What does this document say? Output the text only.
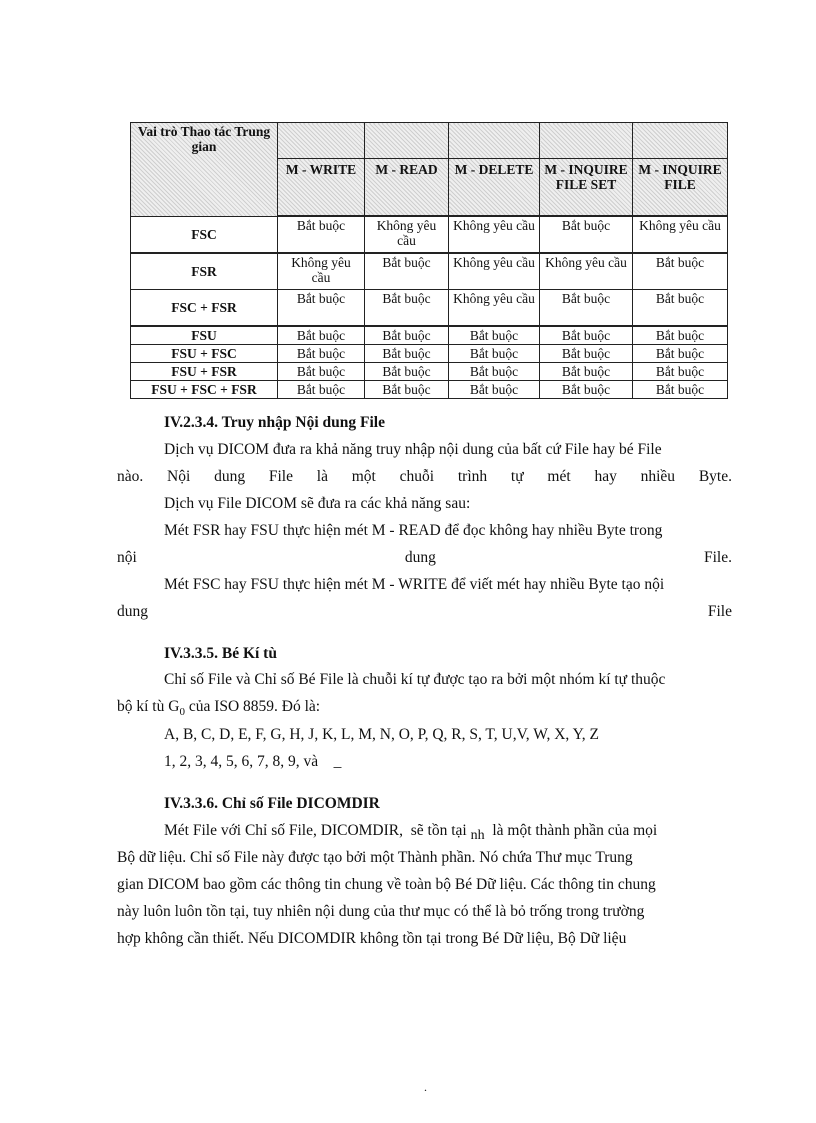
Vai trò Thao tác Trung gian					
	M - WRITE	M - READ	M - DELETE	M - INQUIRE FILE SET	M - INQUIRE FILE
FSC	Bắt buộc	Không yêu cầu	Không yêu cầu	Bắt buộc	Không yêu cầu
FSR	Không yêu cầu	Bắt buộc	Không yêu cầu	Không yêu cầu	Bắt buộc
FSC + FSR	Bắt buộc	Bắt buộc	Không yêu cầu	Bắt buộc	Bắt buộc
FSU	Bắt buộc	Bắt buộc	Bắt buộc	Bắt buộc	Bắt buộc
FSU + FSC	Bắt buộc	Bắt buộc	Bắt buộc	Bắt buộc	Bắt buộc
FSU + FSR	Bắt buộc	Bắt buộc	Bắt buộc	Bắt buộc	Bắt buộc
FSU + FSC + FSR	Bắt buộc	Bắt buộc	Bắt buộc	Bắt buộc	Bắt buộc
IV.2.3.4. Truy nhập Nội dung File
Dịch vụ DICOM đưa ra khả năng truy nhập nội dung của bất cứ File hay bé File
nào. Nội dung File là một chuỗi trình tự mét hay nhiều Byte.
Dịch vụ File DICOM sẽ đưa ra các khả năng sau:
Mét FSR hay FSU thực hiện mét M - READ để đọc không hay nhiều Byte trong
nội	dung	File.
Mét FSC hay FSU thực hiện mét M - WRITE để viết mét hay nhiều Byte tạo nội
dung	File
IV.3.3.5. Bé Kí tù
Chỉ số File và Chỉ số Bé File là chuỗi kí tự được tạo ra bởi một nhóm kí tự thuộc
bộ kí tù $G_0$ của ISO 8859. Đó là:
A, B, C, D, E, F, G, H, J, K, L, M, N, O, P, Q, R, S, T, U,V, W, X, Y, Z
1, 2, 3, 4, 5, 6, 7, 8, 9, và    _
IV.3.3.6. Chỉ số File DICOMDIR
Mét File với Chỉ số File, DICOMDIR,  sẽ tồn tại $_{nh}$  là một thành phần của mọi
Bộ dữ liệu. Chỉ số File này được tạo bởi một Thành phần. Nó chứa Thư mục Trung
gian DICOM bao gồm các thông tin chung về toàn bộ Bé Dữ liệu. Các thông tin chung
này luôn luôn tồn tại, tuy nhiên nội dung của thư mục có thể là bỏ trống trong trường
hợp không cần thiết. Nếu DICOMDIR không tồn tại trong Bé Dữ liệu, Bộ Dữ liệu
.
